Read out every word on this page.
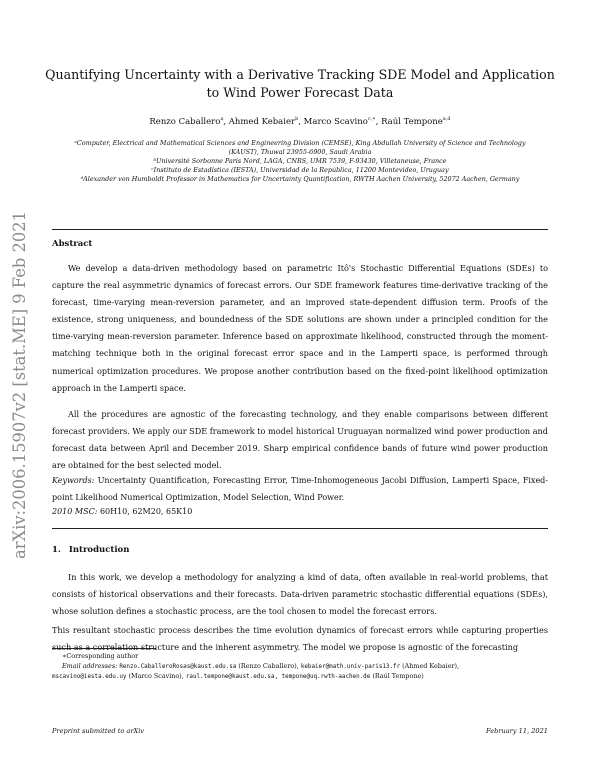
arXiv:2006.15907v2 [stat.ME] 9 Feb 2021
Quantifying Uncertainty with a Derivative Tracking SDE Model and Application
to Wind Power Forecast Data
Renzo Caballero$^a$, Ahmed Kebaier$^b$, Marco Scavino$^{c,∗}$, Raúl Tempone$^{a,d}$
ᵃComputer, Electrical and Mathematical Sciences and Engineering Division (CEMSE), King Abdullah University of Science and Technology (KAUST), Thuwal 23955-6900, Saudi Arabia
ᵇUniversité Sorbonne Paris Nord, LAGA, CNRS, UMR 7539, F-93430, Villetaneuse, France
ᶜInstituto de Estadística (IESTA), Universidad de la República, 11200 Montevideo, Uruguay
ᵈAlexander von Humboldt Professor in Mathematics for Uncertainty Quantification, RWTH Aachen University, 52072 Aachen, Germany
Abstract

We develop a data-driven methodology based on parametric Itô's Stochastic Differential Equations (SDEs) to capture the real asymmetric dynamics of forecast errors. Our SDE framework features time-derivative tracking of the forecast, time-varying mean-reversion parameter, and an improved state-dependent diffusion term. Proofs of the existence, strong uniqueness, and boundedness of the SDE solutions are shown under a principled condition for the time-varying mean-reversion parameter. Inference based on approximate likelihood, constructed through the moment-matching technique both in the original forecast error space and in the Lamperti space, is performed through numerical optimization procedures. We propose another contribution based on the fixed-point likelihood optimization approach in the Lamperti space.

All the procedures are agnostic of the forecasting technology, and they enable comparisons between different forecast providers. We apply our SDE framework to model historical Uruguayan normalized wind power production and forecast data between April and December 2019. Sharp empirical confidence bands of future wind power production are obtained for the best selected model.

Keywords: Uncertainty Quantification, Forecasting Error, Time-Inhomogeneous Jacobi Diffusion, Lamperti Space, Fixed-point Likelihood Numerical Optimization, Model Selection, Wind Power.
2010 MSC: 60H10, 62M20, 65K10
1. Introduction

In this work, we develop a methodology for analyzing a kind of data, often available in real-world problems, that consists of historical observations and their forecasts. Data-driven parametric stochastic differential equations (SDEs), whose solution defines a stochastic process, are the tool chosen to model the forecast errors.

This resultant stochastic process describes the time evolution dynamics of forecast errors while capturing properties such as a correlation structure and the inherent asymmetry. The model we propose is agnostic of the forecasting

∗Corresponding author
Email addresses: Renzo.CaballeroRosas@kaust.edu.sa (Renzo Caballero), kebaier@math.univ-paris13.fr (Ahmed Kebaier),
mscavino@iesta.edu.uy (Marco Scavino), raul.tempone@kaust.edu.sa, tempone@uq.rwth-aachen.de (Raúl Tempone)
Preprint submitted to arXiv	February 11, 2021
